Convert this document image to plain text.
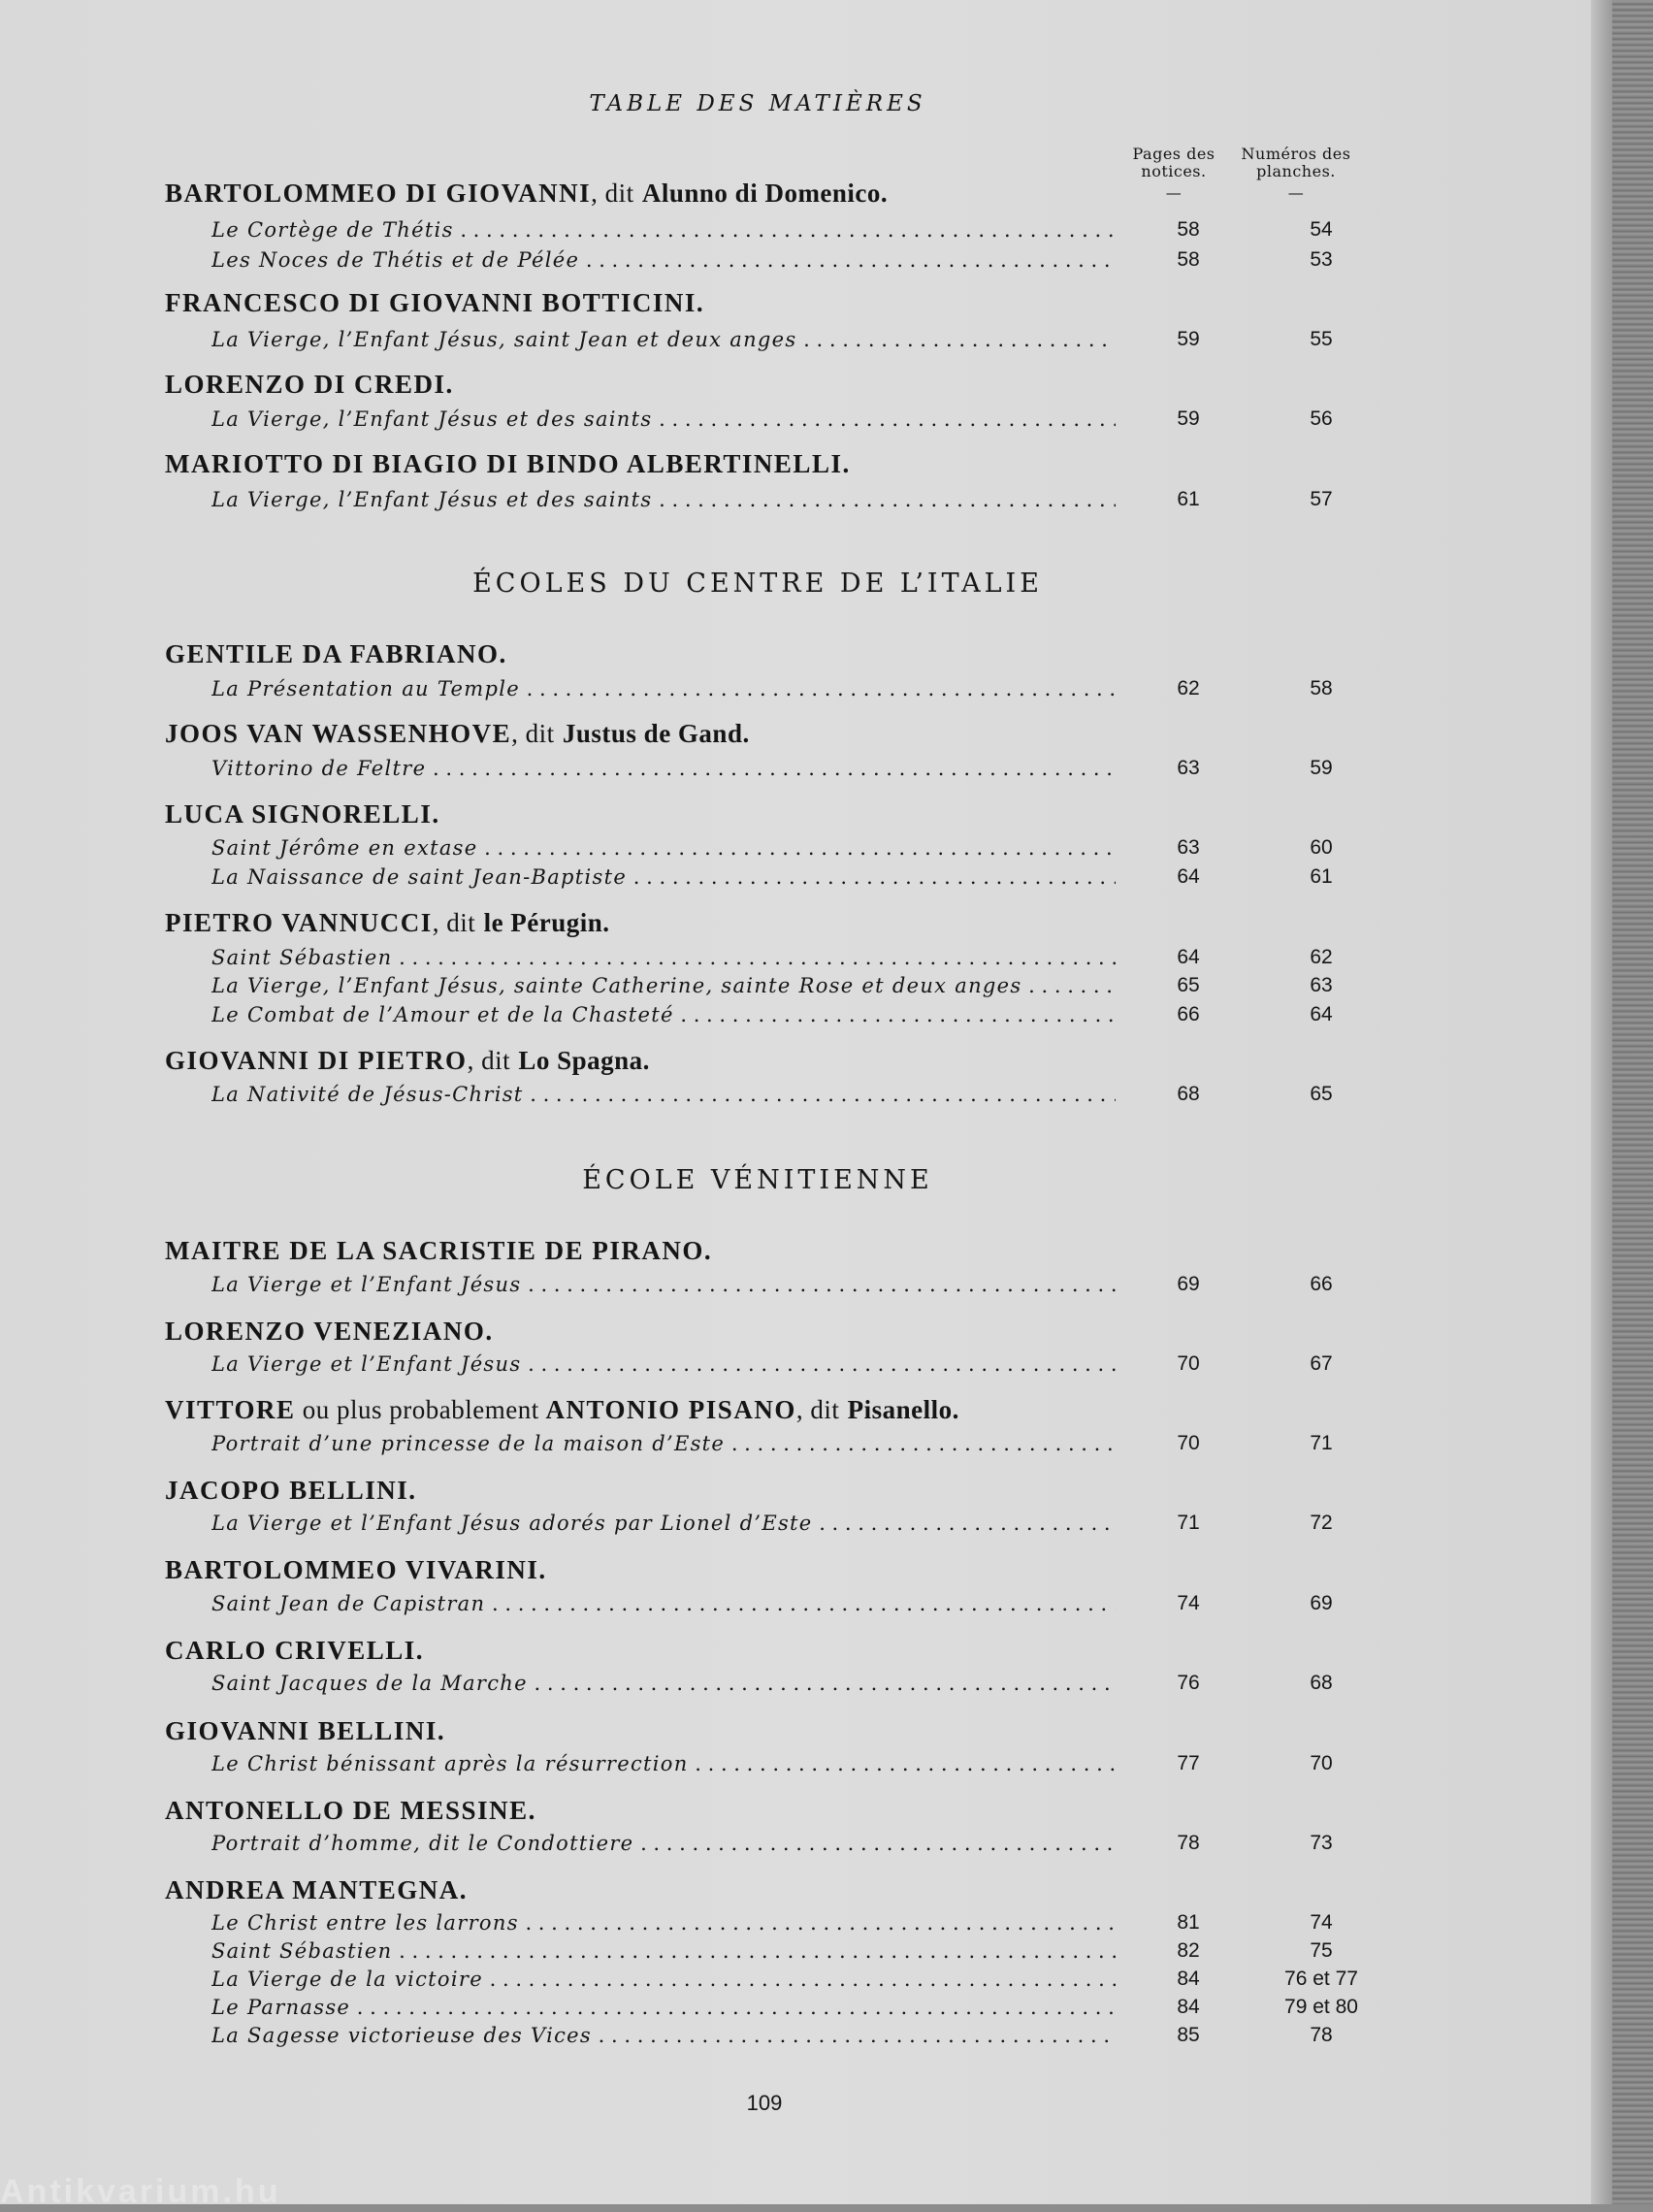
TABLE DES MATIÈRES
Pages des notices.
—
Numéros des planches.
—
BARTOLOMMEO DI GIOVANNI, dit Alunno di Domenico.
Le Cortège de Thétis . . .	58	54
Les Noces de Thétis et de Pélée . . .	58	53
FRANCESCO DI GIOVANNI BOTTICINI.
La Vierge, l’Enfant Jésus, saint Jean et deux anges . . .	59	55
LORENZO DI CREDI.
La Vierge, l’Enfant Jésus et des saints . . .	59	56
MARIOTTO DI BIAGIO DI BINDO ALBERTINELLI.
La Vierge, l’Enfant Jésus et des saints . . .	61	57
ÉCOLES DU CENTRE DE L’ITALIE
GENTILE DA FABRIANO.
La Présentation au Temple . . .	62	58
JOOS VAN WASSENHOVE, dit Justus de Gand.
Vittorino de Feltre . . .	63	59
LUCA SIGNORELLI.
Saint Jérôme en extase . . .	63	60
La Naissance de saint Jean-Baptiste . . .	64	61
PIETRO VANNUCCI, dit le Pérugin.
Saint Sébastien . . .	64	62
La Vierge, l’Enfant Jésus, sainte Catherine, sainte Rose et deux anges . . .	65	63
Le Combat de l’Amour et de la Chasteté . . .	66	64
GIOVANNI DI PIETRO, dit Lo Spagna.
La Nativité de Jésus-Christ . . .	68	65
ÉCOLE VÉNITIENNE
MAITRE DE LA SACRISTIE DE PIRANO.
La Vierge et l’Enfant Jésus . . .	69	66
LORENZO VENEZIANO.
La Vierge et l’Enfant Jésus . . .	70	67
VITTORE ou plus probablement ANTONIO PISANO, dit Pisanello.
Portrait d’une princesse de la maison d’Este . . .	70	71
JACOPO BELLINI.
La Vierge et l’Enfant Jésus adorés par Lionel d’Este . . .	71	72
BARTOLOMMEO VIVARINI.
Saint Jean de Capistran . . .	74	69
CARLO CRIVELLI.
Saint Jacques de la Marche . . .	76	68
GIOVANNI BELLINI.
Le Christ bénissant après la résurrection . . .	77	70
ANTONELLO DE MESSINE.
Portrait d’homme, dit le Condottiere . . .	78	73
ANDREA MANTEGNA.
Le Christ entre les larrons . . .	81	74
Saint Sébastien . . .	82	75
La Vierge de la victoire . . .	84	76 et 77
Le Parnasse . . .	84	79 et 80
La Sagesse victorieuse des Vices . . .	85	78
109
Antikvarium.hu
